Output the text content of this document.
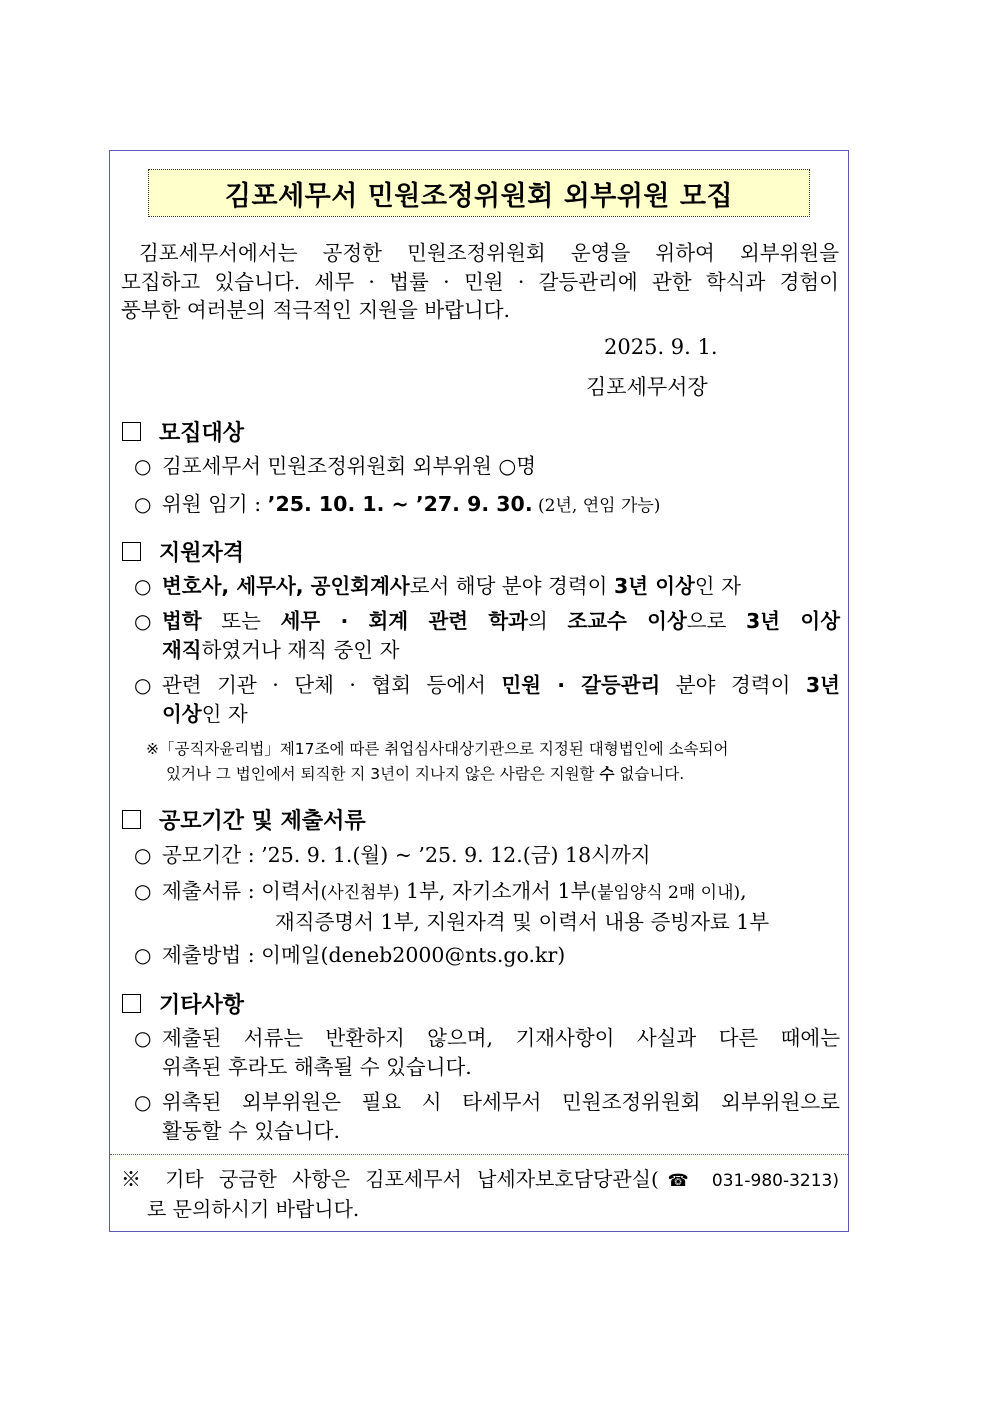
김포세무서 민원조정위원회 외부위원 모집
김포세무서에서는 공정한 민원조정위원회 운영을 위하여 외부위원을
모집하고 있습니다. 세무 · 법률 · 민원 · 갈등관리에 관한 학식과 경험이
풍부한 여러분의 적극적인 지원을 바랍니다.
2025. 9. 1.
김포세무서장
모집대상
○ 김포세무서 민원조정위원회 외부위원 ○명
○ 위원 임기 : ’25. 10. 1. ~ ’27. 9. 30. (2년, 연임 가능)
지원자격
○ 변호사, 세무사, 공인회계사로서 해당 분야 경력이 3년 이상인 자
○ 법학 또는 세무 · 회계 관련 학과의 조교수 이상으로 3년 이상
재직하였거나 재직 중인 자
○ 관련 기관 · 단체 · 협회 등에서 민원 · 갈등관리 분야 경력이 3년
이상인 자
※「공직자윤리법」제17조에 따른 취업심사대상기관으로 지정된 대형법인에 소속되어
있거나 그 법인에서 퇴직한 지 3년이 지나지 않은 사람은 지원할 수 없습니다.
공모기간 및 제출서류
○ 공모기간 : ’25. 9. 1.(월) ~ ’25. 9. 12.(금) 18시까지
○ 제출서류 : 이력서(사진첨부) 1부, 자기소개서 1부(붙임양식 2매 이내),
재직증명서 1부, 지원자격 및 이력서 내용 증빙자료 1부
○ 제출방법 : 이메일(deneb2000@nts.go.kr)
기타사항
○ 제출된 서류는 반환하지 않으며, 기재사항이 사실과 다른 때에는
위촉된 후라도 해촉될 수 있습니다.
○ 위촉된 외부위원은 필요 시 타세무서 민원조정위원회 외부위원으로
활동할 수 있습니다.
※ 기타 궁금한 사항은 김포세무서 납세자보호담당관실(☎ 031-980-3213)
로 문의하시기 바랍니다.
